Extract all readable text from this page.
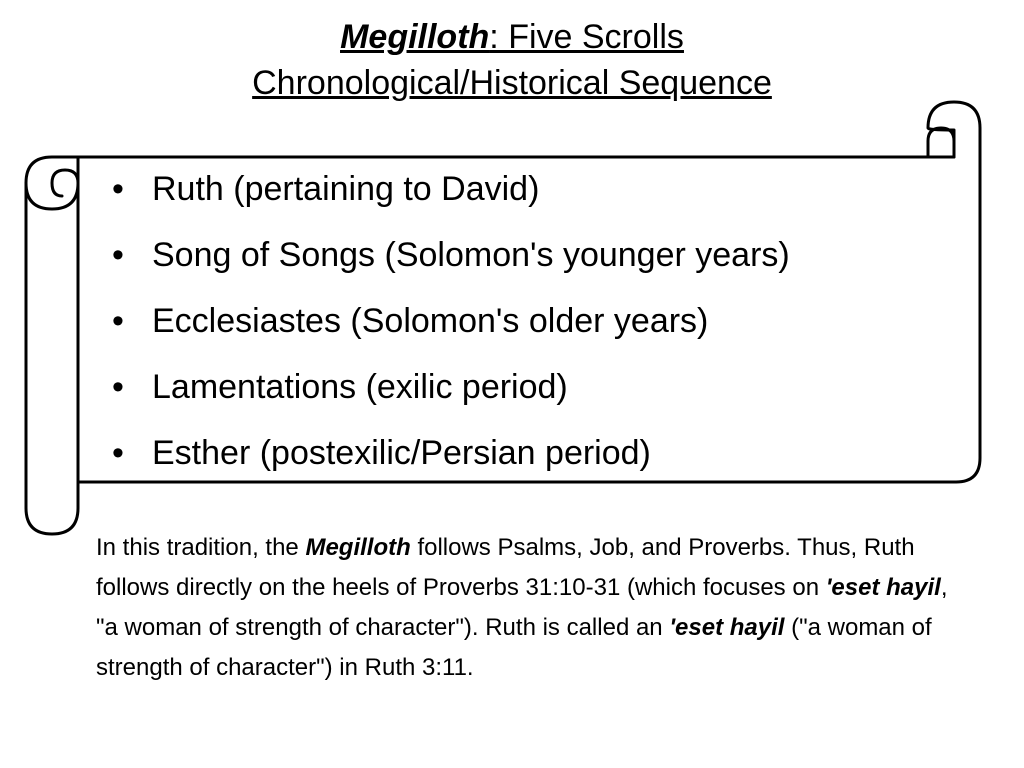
Megilloth: Five Scrolls
Chronological/Historical Sequence
• Ruth (pertaining to David)
• Song of Songs (Solomon's younger years)
• Ecclesiastes (Solomon's older years)
• Lamentations (exilic period)
• Esther (postexilic/Persian period)

In this tradition, the Megilloth follows Psalms, Job, and Proverbs. Thus, Ruth follows directly on the heels of Proverbs 31:10-31 (which focuses on 'eset hayil, "a woman of strength of character"). Ruth is called an 'eset hayil ("a woman of strength of character") in Ruth 3:11.
